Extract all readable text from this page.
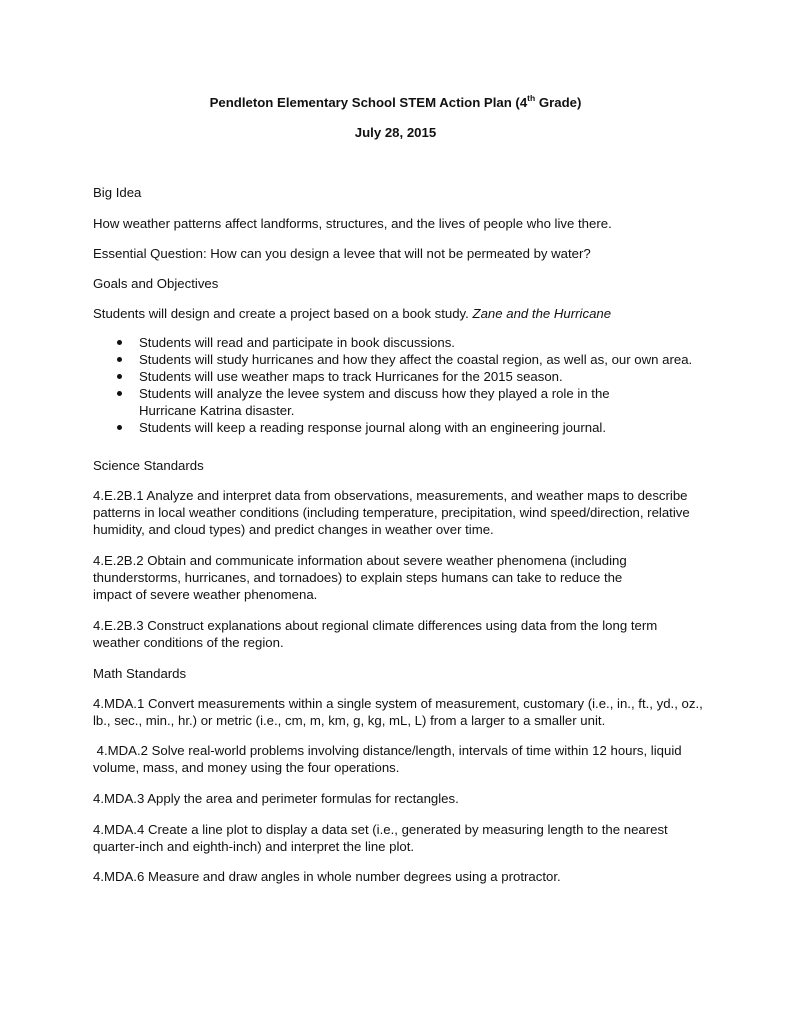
Pendleton Elementary School STEM Action Plan (4th Grade)
July 28, 2015
Big Idea
How weather patterns affect landforms, structures, and the lives of people who live there.
Essential Question: How can you design a levee that will not be permeated by water?
Goals and Objectives
Students will design and create a project based on a book study. Zane and the Hurricane
Students will read and participate in book discussions.
Students will study hurricanes and how they affect the coastal region, as well as, our own area.
Students will use weather maps to track Hurricanes for the 2015 season.
Students will analyze the levee system and discuss how they played a role in the Hurricane Katrina disaster.
Students will keep a reading response journal along with an engineering journal.
Science Standards
4.E.2B.1 Analyze and interpret data from observations, measurements, and weather maps to describe patterns in local weather conditions (including temperature, precipitation, wind speed/direction, relative humidity, and cloud types) and predict changes in weather over time.
4.E.2B.2 Obtain and communicate information about severe weather phenomena (including thunderstorms, hurricanes, and tornadoes) to explain steps humans can take to reduce the impact of severe weather phenomena.
4.E.2B.3 Construct explanations about regional climate differences using data from the long term weather conditions of the region.
Math Standards
4.MDA.1 Convert measurements within a single system of measurement, customary (i.e., in., ft., yd., oz., lb., sec., min., hr.) or metric (i.e., cm, m, km, g, kg, mL, L) from a larger to a smaller unit.
4.MDA.2 Solve real-world problems involving distance/length, intervals of time within 12 hours, liquid volume, mass, and money using the four operations.
4.MDA.3 Apply the area and perimeter formulas for rectangles.
4.MDA.4 Create a line plot to display a data set (i.e., generated by measuring length to the nearest quarter-inch and eighth-inch) and interpret the line plot.
4.MDA.6 Measure and draw angles in whole number degrees using a protractor.
